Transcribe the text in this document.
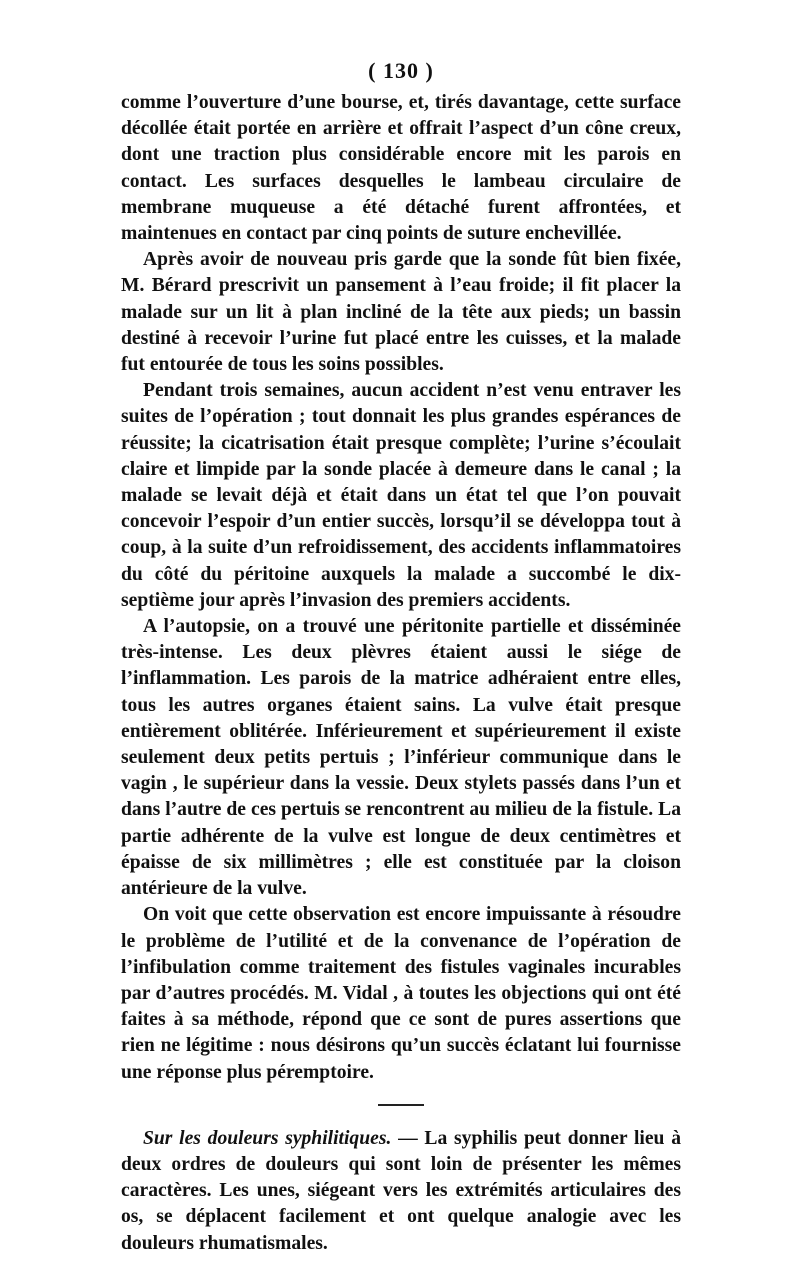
( 130 )

comme l’ouverture d’une bourse, et, tirés davantage, cette surface décollée était portée en arrière et offrait l’aspect d’un cône creux, dont une traction plus considérable encore mit les parois en contact. Les surfaces desquelles le lambeau circulaire de membrane muqueuse a été détaché furent affrontées, et maintenues en contact par cinq points de suture enchevillée.

Après avoir de nouveau pris garde que la sonde fût bien fixée, M. Bérard prescrivit un pansement à l’eau froide; il fit placer la malade sur un lit à plan incliné de la tête aux pieds; un bassin destiné à recevoir l’urine fut placé entre les cuisses, et la malade fut entourée de tous les soins possibles.

Pendant trois semaines, aucun accident n’est venu entraver les suites de l’opération ; tout donnait les plus grandes espérances de réussite; la cicatrisation était presque complète; l’urine s’écoulait claire et limpide par la sonde placée à demeure dans le canal ; la malade se levait déjà et était dans un état tel que l’on pouvait concevoir l’espoir d’un entier succès, lorsqu’il se développa tout à coup, à la suite d’un refroidissement, des accidents inflammatoires du côté du péritoine auxquels la malade a succombé le dix-septième jour après l’invasion des premiers accidents.

A l’autopsie, on a trouvé une péritonite partielle et disséminée très-intense. Les deux plèvres étaient aussi le siége de l’inflammation. Les parois de la matrice adhéraient entre elles, tous les autres organes étaient sains. La vulve était presque entièrement oblitérée. Inférieurement et supérieurement il existe seulement deux petits pertuis ; l’inférieur communique dans le vagin , le supérieur dans la vessie. Deux stylets passés dans l’un et dans l’autre de ces pertuis se rencontrent au milieu de la fistule. La partie adhérente de la vulve est longue de deux centimètres et épaisse de six millimètres ; elle est constituée par la cloison antérieure de la vulve.

On voit que cette observation est encore impuissante à résoudre le problème de l’utilité et de la convenance de l’opération de l’infibulation comme traitement des fistules vaginales incurables par d’autres procédés. M. Vidal , à toutes les objections qui ont été faites à sa méthode, répond que ce sont de pures assertions que rien ne légitime : nous désirons qu’un succès éclatant lui fournisse une réponse plus péremptoire.

Sur les douleurs syphilitiques. — La syphilis peut donner lieu à deux ordres de douleurs qui sont loin de présenter les mêmes caractères. Les unes, siégeant vers les extrémités articulaires des os, se déplacent facilement et ont quelque analogie avec les douleurs rhumatismales.
